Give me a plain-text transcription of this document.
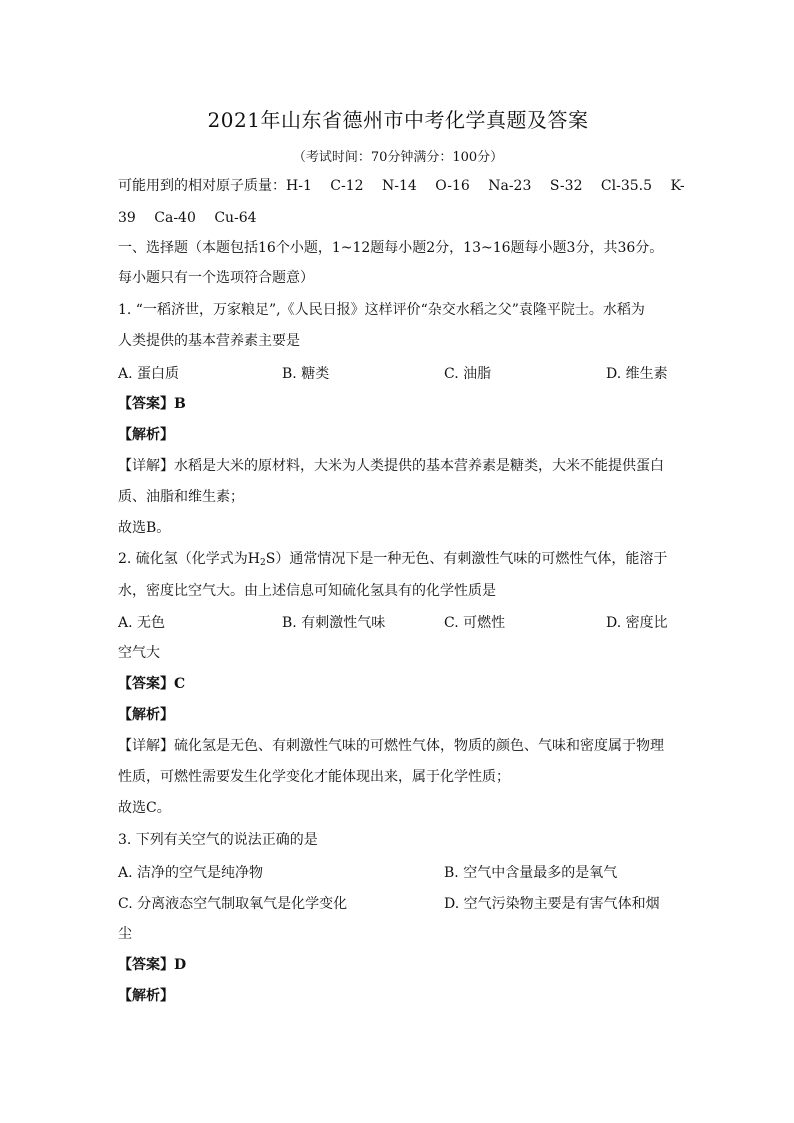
2021年山东省德州市中考化学真题及答案
（考试时间：70分钟满分：100分）
可能用到的相对原子质量：H-1　 C-12　 N-14　 O-16　 Na-23　 S-32　 Cl-35.5　 K-
39　 Ca-40　 Cu-64
一、选择题（本题包括16个小题，1~12题每小题2分，13~16题每小题3分，共36分。
每小题只有一个选项符合题意）
1. “一稻济世，万家粮足”,《人民日报》这样评价“杂交水稻之父”袁隆平院士。水稻为
人类提供的基本营养素主要是
A. 蛋白质	B. 糖类	C. 油脂	D. 维生素
【答案】B
【解析】
【详解】水稻是大米的原材料，大米为人类提供的基本营养素是糖类，大米不能提供蛋白
质、油脂和维生素；
故选B。
2. 硫化氢（化学式为$H_2S$）通常情况下是一种无色、有刺激性气味的可燃性气体，能溶于
水，密度比空气大。由上述信息可知硫化氢具有的化学性质是
A. 无色	B. 有刺激性气味	C. 可燃性	D. 密度比
空气大
【答案】C
【解析】
【详解】硫化氢是无色、有刺激性气味的可燃性气体，物质的颜色、气味和密度属于物理
性质，可燃性需要发生化学变化才能体现出来，属于化学性质；
故选C。
3. 下列有关空气的说法正确的是
A. 洁净的空气是纯净物	B. 空气中含量最多的是氧气
C. 分离液态空气制取氧气是化学变化	D. 空气污染物主要是有害气体和烟
尘
【答案】D
【解析】
